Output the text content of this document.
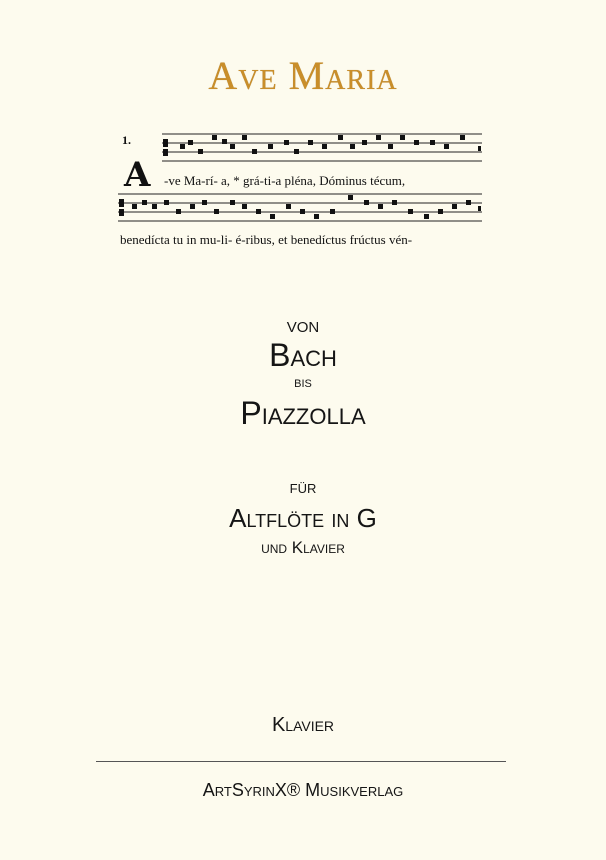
Ave Maria
1.
A -ve Ma-rí- a, * grá-ti-a pléna, Dóminus técum,
benedícta tu in mu-li- é-ribus, et benedíctus frúctus vén-
von
Bach
bis
Piazzolla
für
Altflöte in G
und Klavier
Klavier
ArtSyrinX® Musikverlag
